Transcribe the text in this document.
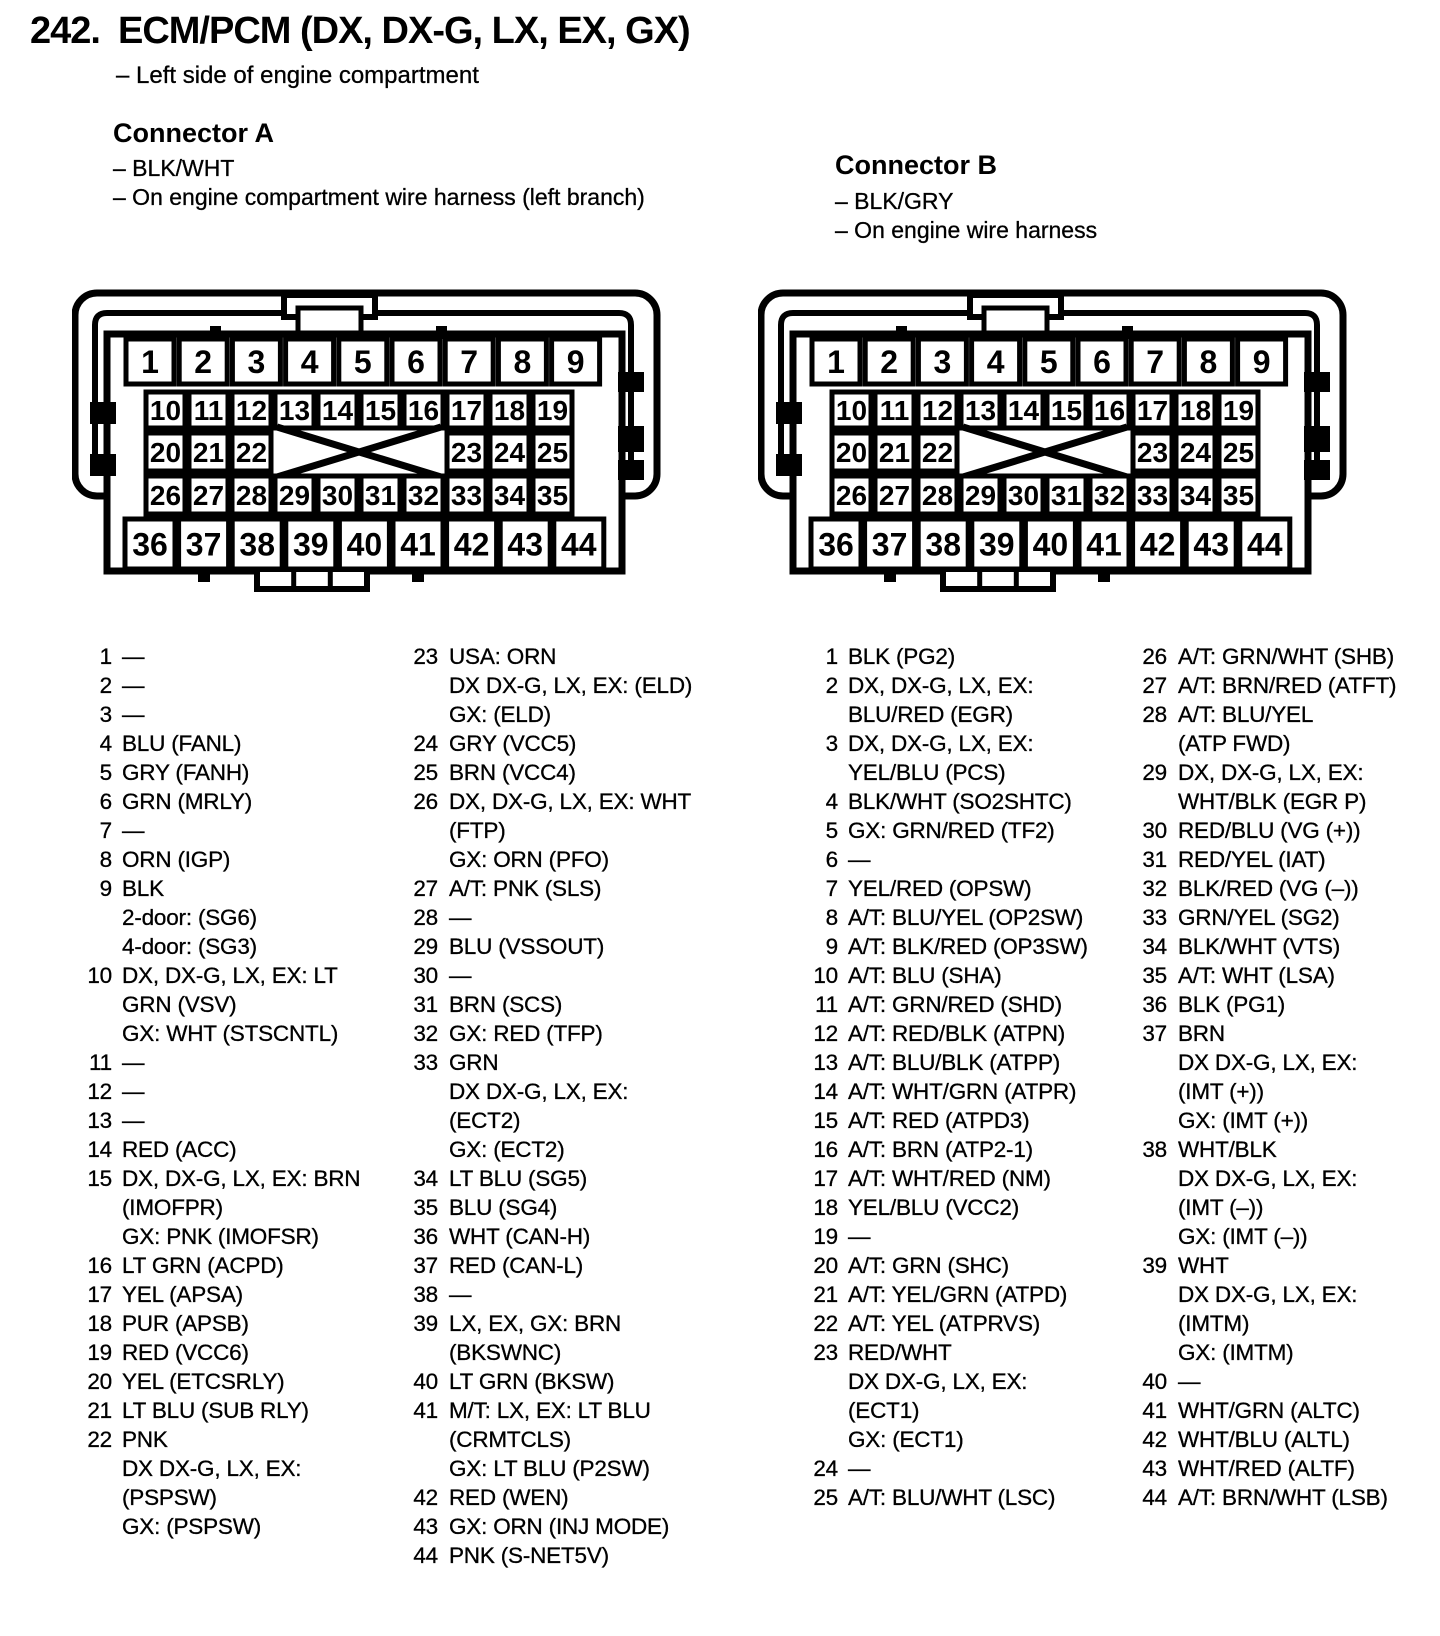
242. ECM/PCM (DX, DX-G, LX, EX, GX)
– Left side of engine compartment
Connector A
– BLK/WHT
– On engine compartment wire harness (left branch)
Connector B
– BLK/GRY
– On engine wire harness
1 2 3 4 5 6 7 8 9
10 11 12 13 14 15 16 17 18 19
20 21 22	23 24 25
26 27 28 29 30 31 32 33 34 35
36 37 38 39 40 41 42 43 44
1 2 3 4 5 6 7 8 9
10 11 12 13 14 15 16 17 18 19
20 21 22	23 24 25
26 27 28 29 30 31 32 33 34 35
36 37 38 39 40 41 42 43 44
1 —
2 —
3 —
4 BLU (FANL)
5 GRY (FANH)
6 GRN (MRLY)
7 —
8 ORN (IGP)
9 BLK
2-door: (SG6)
4-door: (SG3)
10 DX, DX-G, LX, EX: LT
GRN (VSV)
GX: WHT (STSCNTL)
11 —
12 —
13 —
14 RED (ACC)
15 DX, DX-G, LX, EX: BRN
(IMOFPR)
GX: PNK (IMOFSR)
16 LT GRN (ACPD)
17 YEL (APSA)
18 PUR (APSB)
19 RED (VCC6)
20 YEL (ETCSRLY)
21 LT BLU (SUB RLY)
22 PNK
DX DX-G, LX, EX:
(PSPSW)
GX: (PSPSW)
23 USA: ORN
DX DX-G, LX, EX: (ELD)
GX: (ELD)
24 GRY (VCC5)
25 BRN (VCC4)
26 DX, DX-G, LX, EX: WHT
(FTP)
GX: ORN (PFO)
27 A/T: PNK (SLS)
28 —
29 BLU (VSSOUT)
30 —
31 BRN (SCS)
32 GX: RED (TFP)
33 GRN
DX DX-G, LX, EX:
(ECT2)
GX: (ECT2)
34 LT BLU (SG5)
35 BLU (SG4)
36 WHT (CAN-H)
37 RED (CAN-L)
38 —
39 LX, EX, GX: BRN
(BKSWNC)
40 LT GRN (BKSW)
41 M/T: LX, EX: LT BLU
(CRMTCLS)
GX: LT BLU (P2SW)
42 RED (WEN)
43 GX: ORN (INJ MODE)
44 PNK (S-NET5V)
1 BLK (PG2)
2 DX, DX-G, LX, EX:
BLU/RED (EGR)
3 DX, DX-G, LX, EX:
YEL/BLU (PCS)
4 BLK/WHT (SO2SHTC)
5 GX: GRN/RED (TF2)
6 —
7 YEL/RED (OPSW)
8 A/T: BLU/YEL (OP2SW)
9 A/T: BLK/RED (OP3SW)
10 A/T: BLU (SHA)
11 A/T: GRN/RED (SHD)
12 A/T: RED/BLK (ATPN)
13 A/T: BLU/BLK (ATPP)
14 A/T: WHT/GRN (ATPR)
15 A/T: RED (ATPD3)
16 A/T: BRN (ATP2-1)
17 A/T: WHT/RED (NM)
18 YEL/BLU (VCC2)
19 —
20 A/T: GRN (SHC)
21 A/T: YEL/GRN (ATPD)
22 A/T: YEL (ATPRVS)
23 RED/WHT
DX DX-G, LX, EX:
(ECT1)
GX: (ECT1)
24 —
25 A/T: BLU/WHT (LSC)
26 A/T: GRN/WHT (SHB)
27 A/T: BRN/RED (ATFT)
28 A/T: BLU/YEL
(ATP FWD)
29 DX, DX-G, LX, EX:
WHT/BLK (EGR P)
30 RED/BLU (VG (+))
31 RED/YEL (IAT)
32 BLK/RED (VG (–))
33 GRN/YEL (SG2)
34 BLK/WHT (VTS)
35 A/T: WHT (LSA)
36 BLK (PG1)
37 BRN
DX DX-G, LX, EX:
(IMT (+))
GX: (IMT (+))
38 WHT/BLK
DX DX-G, LX, EX:
(IMT (–))
GX: (IMT (–))
39 WHT
DX DX-G, LX, EX:
(IMTM)
GX: (IMTM)
40 —
41 WHT/GRN (ALTC)
42 WHT/BLU (ALTL)
43 WHT/RED (ALTF)
44 A/T: BRN/WHT (LSB)
